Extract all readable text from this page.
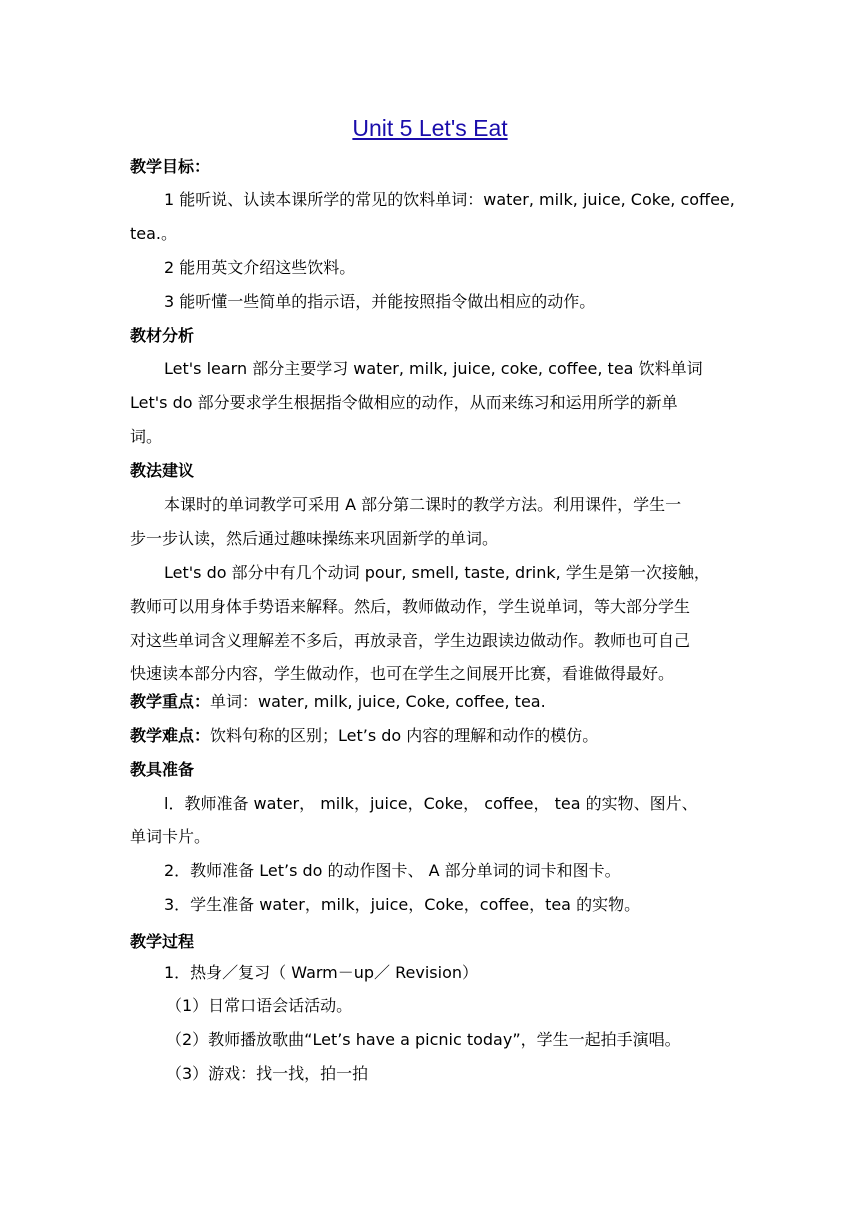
Unit 5 Let's Eat
教学目标：
1 能听说、认读本课所学的常见的饮料单词：water, milk, juice, Coke, coffee,
tea.。
2 能用英文介绍这些饮料。
3 能听懂一些简单的指示语，并能按照指令做出相应的动作。
教材分析
Let's learn 部分主要学习 water, milk, juice, coke, coffee, tea 饮料单词
Let's do 部分要求学生根据指令做相应的动作，从而来练习和运用所学的新单
词。
教法建议
本课时的单词教学可采用 A 部分第二课时的教学方法。利用课件，学生一
步一步认读，然后通过趣味操练来巩固新学的单词。
Let's do 部分中有几个动词 pour, smell, taste, drink, 学生是第一次接触，
教师可以用身体手势语来解释。然后，教师做动作，学生说单词，等大部分学生
对这些单词含义理解差不多后，再放录音，学生边跟读边做动作。教师也可自己
快速读本部分内容，学生做动作，也可在学生之间展开比赛，看谁做得最好。
教学重点：单词：water, milk, juice, Coke, coffee, tea.
教学难点：饮料句称的区别；Let’s do 内容的理解和动作的模仿。
教具准备
l．教师准备 water， milk，juice，Coke， coffee， tea 的实物、图片、
单词卡片。
2．教师准备 Let’s do 的动作图卡、 A 部分单词的词卡和图卡。
3．学生准备 water，milk，juice，Coke，coffee，tea 的实物。
教学过程
1．热身／复习（ Warm－up／ Revision）
（1）日常口语会话活动。
（2）教师播放歌曲“Let’s have a picnic today”，学生一起拍手演唱。
（3）游戏：找一找，拍一拍
